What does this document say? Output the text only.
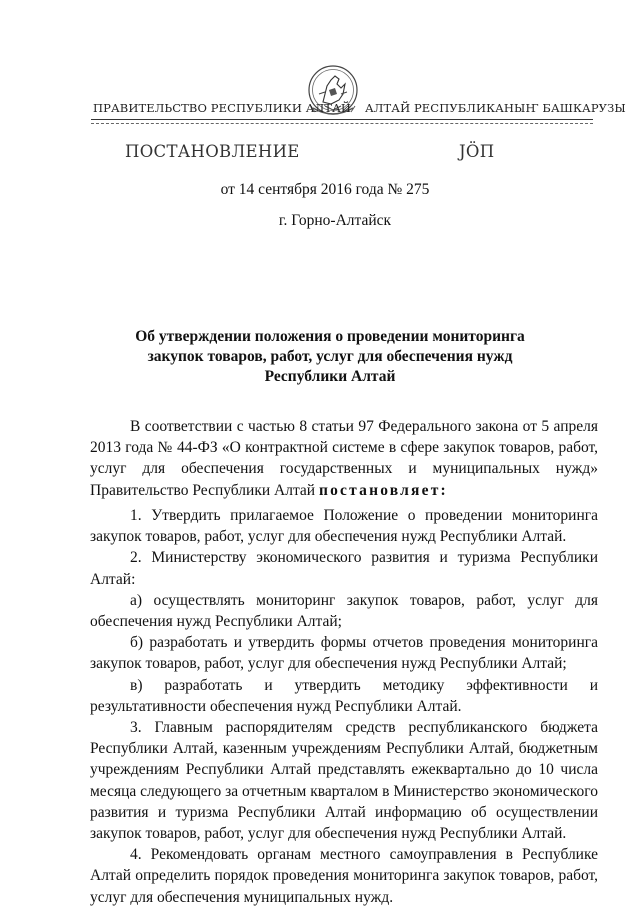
ПРАВИТЕЛЬСТВО РЕСПУБЛИКИ АЛТАЙ АЛТАЙ РЕСПУБЛИКАНЫҤ БАШКАРУЗЫ
ПОСТАНОВЛЕНИЕ	JӦП
от 14 сентября 2016 года № 275
г. Горно-Алтайск
Об утверждении положения о проведении мониторинга
закупок товаров, работ, услуг для обеспечения нужд
Республики Алтай

В соответствии с частью 8 статьи 97 Федерального закона от 5 апреля 2013 года № 44-ФЗ «О контрактной системе в сфере закупок товаров, работ, услуг для обеспечения государственных и муниципальных нужд» Правительство Республики Алтай постановляет:

1. Утвердить прилагаемое Положение о проведении мониторинга закупок товаров, работ, услуг для обеспечения нужд Республики Алтай.

2. Министерству экономического развития и туризма Республики Алтай:

а) осуществлять мониторинг закупок товаров, работ, услуг для обеспечения нужд Республики Алтай;

б) разработать и утвердить формы отчетов проведения мониторинга закупок товаров, работ, услуг для обеспечения нужд Республики Алтай;

в) разработать и утвердить методику эффективности и результативности обеспечения нужд Республики Алтай.

3. Главным распорядителям средств республиканского бюджета Республики Алтай, казенным учреждениям Республики Алтай, бюджетным учреждениям Республики Алтай представлять ежеквартально до 10 числа месяца следующего за отчетным кварталом в Министерство экономического развития и туризма Республики Алтай информацию об осуществлении закупок товаров, работ, услуг для обеспечения нужд Республики Алтай.

4. Рекомендовать органам местного самоуправления в Республике Алтай определить порядок проведения мониторинга закупок товаров, работ, услуг для обеспечения муниципальных нужд.
